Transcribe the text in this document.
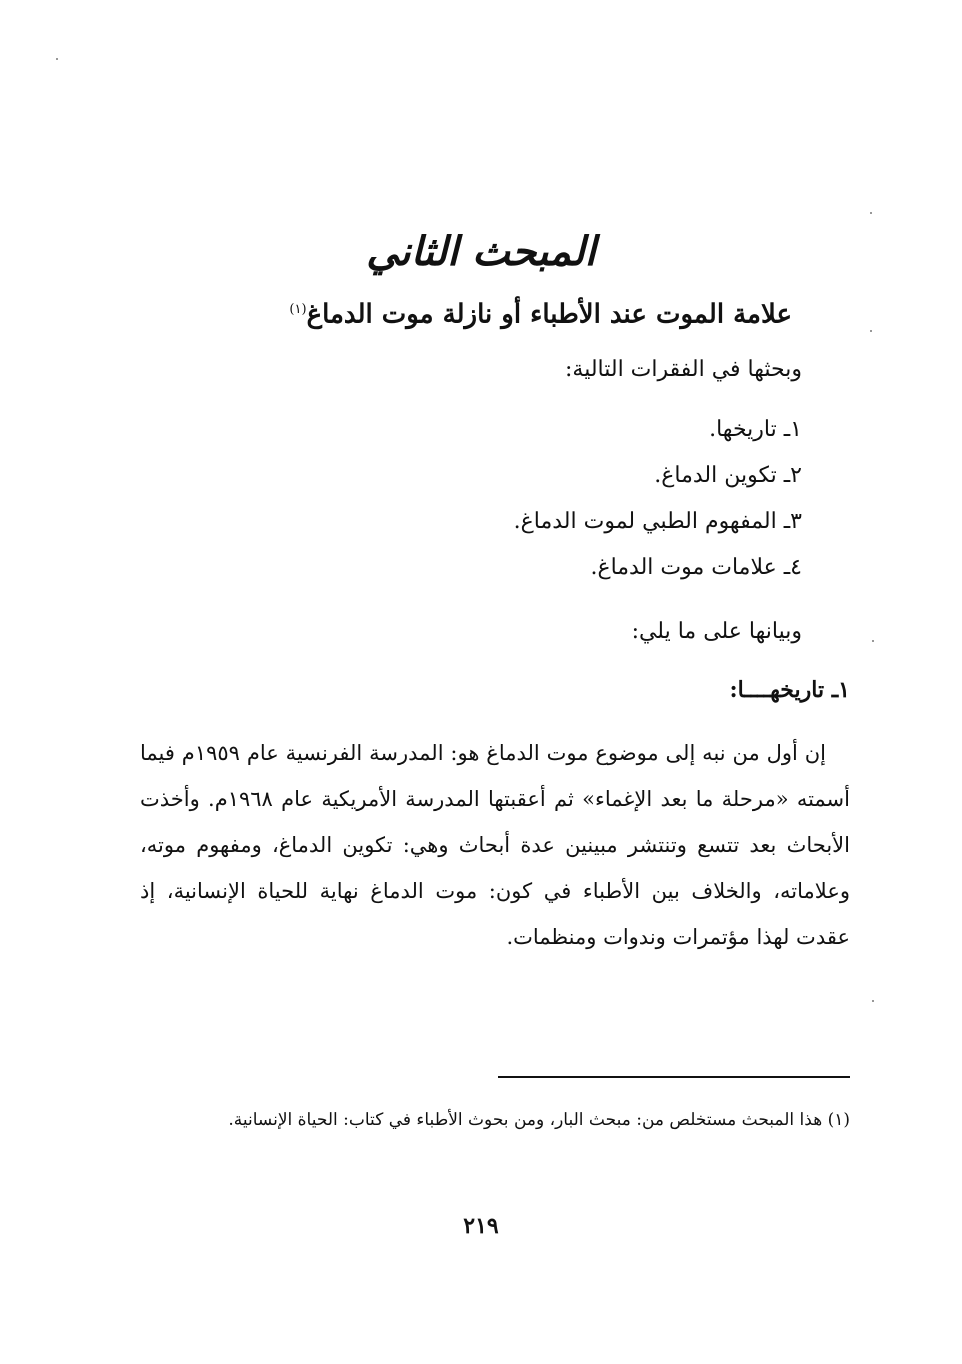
المبحث الثاني
علامة الموت عند الأطباء أو نازلة موت الدماغ$^{(١)}$
وبحثها في الفقرات التالية:
١ـ تاريخها.
٢ـ تكوين الدماغ.
٣ـ المفهوم الطبي لموت الدماغ.
٤ـ علامات موت الدماغ.
وبيانها على ما يلي:
١ـ تاريخهــــا:
إن أول من نبه إلى موضوع موت الدماغ هو: المدرسة الفرنسية عام ١٩٥٩م فيما أسمته «مرحلة ما بعد الإغماء» ثم أعقبتها المدرسة الأمريكية عام ١٩٦٨م. وأخذت الأبحاث بعد تتسع وتنتشر مبينين عدة أبحاث وهي: تكوين الدماغ، ومفهوم موته، وعلاماته، والخلاف بين الأطباء في كون: موت الدماغ نهاية للحياة الإنسانية، إذ عقدت لهذا مؤتمرات وندوات ومنظمات.
(١) هذا المبحث مستخلص من: مبحث البار، ومن بحوث الأطباء في كتاب: الحياة الإنسانية.
٢١٩
